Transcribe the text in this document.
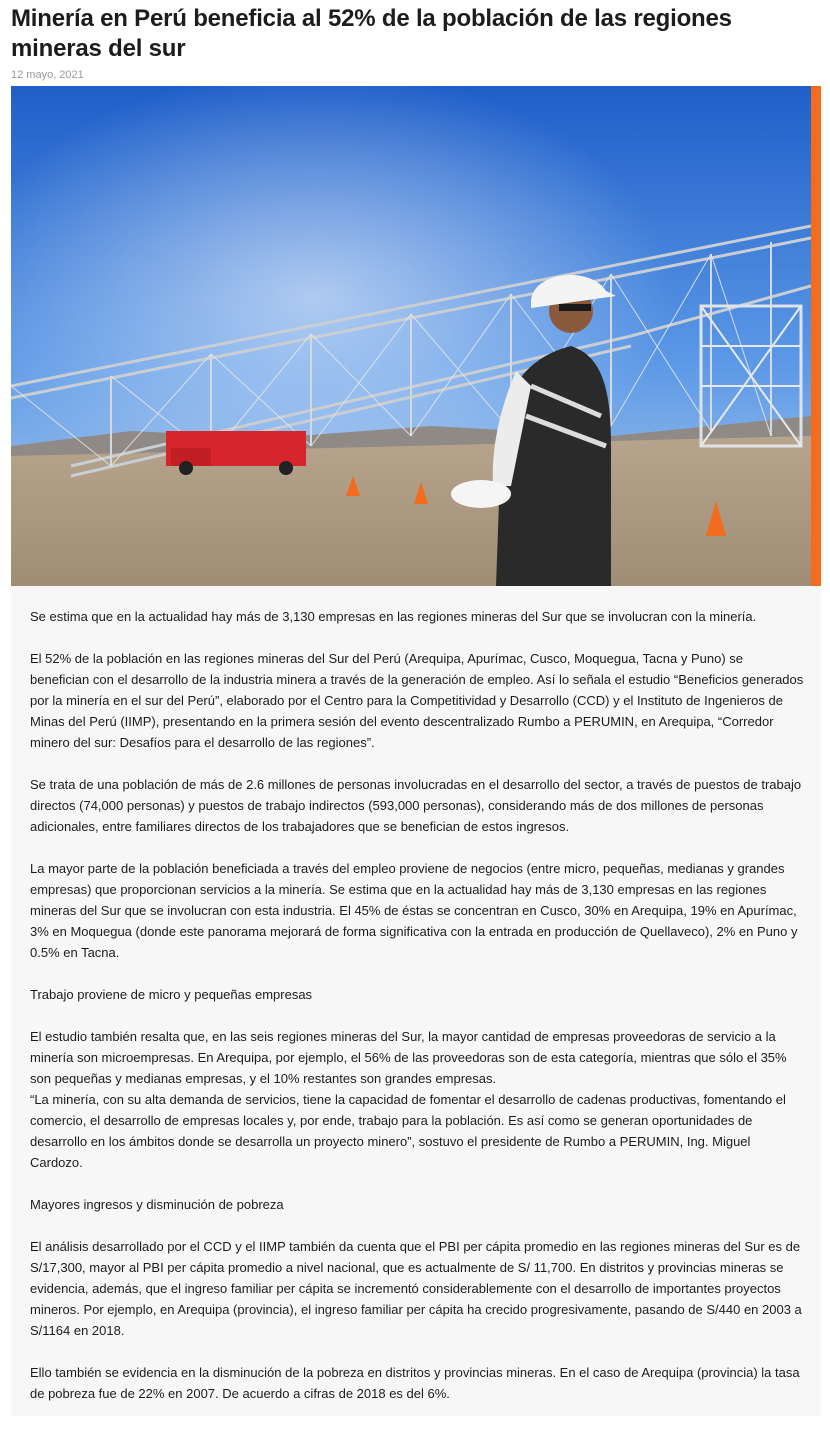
Minería en Perú beneficia al 52% de la población de las regiones mineras del sur
12 mayo, 2021

Se estima que en la actualidad hay más de 3,130 empresas en las regiones mineras del Sur que se involucran con la minería.

El 52% de la población en las regiones mineras del Sur del Perú (Arequipa, Apurímac, Cusco, Moquegua, Tacna y Puno) se benefician con el desarrollo de la industria minera a través de la generación de empleo. Así lo señala el estudio “Beneficios generados por la minería en el sur del Perú”, elaborado por el Centro para la Competitividad y Desarrollo (CCD) y el Instituto de Ingenieros de Minas del Perú (IIMP), presentando en la primera sesión del evento descentralizado Rumbo a PERUMIN, en Arequipa, “Corredor minero del sur: Desafíos para el desarrollo de las regiones”.

Se trata de una población de más de 2.6 millones de personas involucradas en el desarrollo del sector, a través de puestos de trabajo directos (74,000 personas) y puestos de trabajo indirectos (593,000 personas), considerando más de dos millones de personas adicionales, entre familiares directos de los trabajadores que se benefician de estos ingresos.

La mayor parte de la población beneficiada a través del empleo proviene de negocios (entre micro, pequeñas, medianas y grandes empresas) que proporcionan servicios a la minería. Se estima que en la actualidad hay más de 3,130 empresas en las regiones mineras del Sur que se involucran con esta industria. El 45% de éstas se concentran en Cusco, 30% en Arequipa, 19% en Apurímac, 3% en Moquegua (donde este panorama mejorará de forma significativa con la entrada en producción de Quellaveco), 2% en Puno y 0.5% en Tacna.

Trabajo proviene de micro y pequeñas empresas

El estudio también resalta que, en las seis regiones mineras del Sur, la mayor cantidad de empresas proveedoras de servicio a la minería son microempresas. En Arequipa, por ejemplo, el 56% de las proveedoras son de esta categoría, mientras que sólo el 35% son pequeñas y medianas empresas, y el 10% restantes son grandes empresas.

“La minería, con su alta demanda de servicios, tiene la capacidad de fomentar el desarrollo de cadenas productivas, fomentando el comercio, el desarrollo de empresas locales y, por ende, trabajo para la población. Es así como se generan oportunidades de desarrollo en los ámbitos donde se desarrolla un proyecto minero”, sostuvo el presidente de Rumbo a PERUMIN, Ing. Miguel Cardozo.

Mayores ingresos y disminución de pobreza

El análisis desarrollado por el CCD y el IIMP también da cuenta que el PBI per cápita promedio en las regiones mineras del Sur es de S/17,300, mayor al PBI per cápita promedio a nivel nacional, que es actualmente de S/ 11,700. En distritos y provincias mineras se evidencia, además, que el ingreso familiar per cápita se incrementó considerablemente con el desarrollo de importantes proyectos mineros. Por ejemplo, en Arequipa (provincia), el ingreso familiar per cápita ha crecido progresivamente, pasando de S/440 en 2003 a S/1164 en 2018.

Ello también se evidencia en la disminución de la pobreza en distritos y provincias mineras. En el caso de Arequipa (provincia) la tasa de pobreza fue de 22% en 2007. De acuerdo a cifras de 2018 es del 6%.
